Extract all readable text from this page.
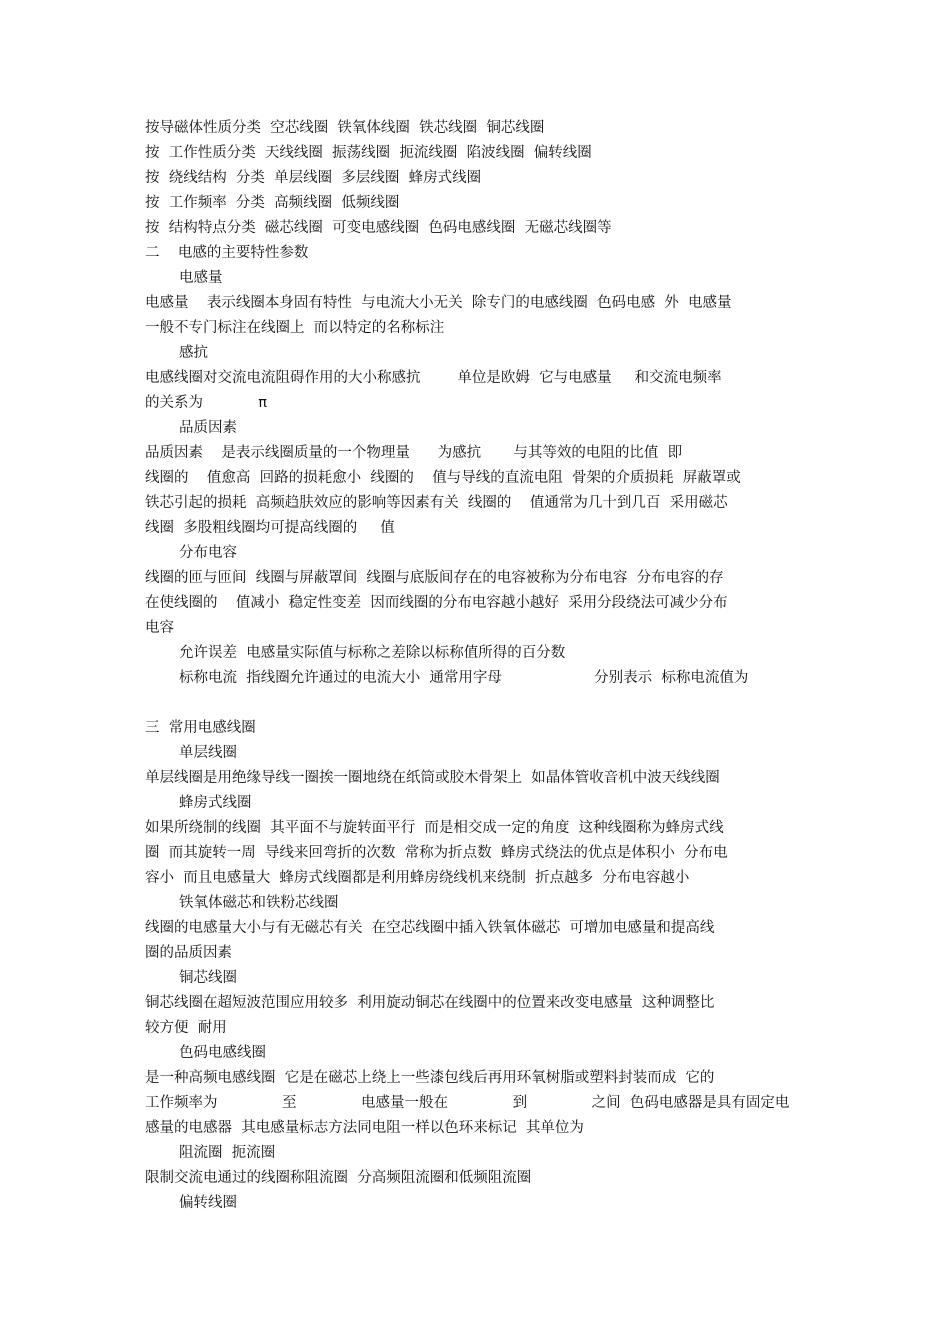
按导磁体性质分类  空芯线圈  铁氧体线圈  铁芯线圈  铜芯线圈
按  工作性质分类  天线线圈  振荡线圈  扼流线圈  陷波线圈  偏转线圈
按  绕线结构  分类  单层线圈  多层线圈  蜂房式线圈
按  工作频率  分类  高频线圈  低频线圈
按  结构特点分类  磁芯线圈  可变电感线圈  色码电感线圈  无磁芯线圈等
二    电感的主要特性参数
电感量
电感量    表示线圈本身固有特性  与电流大小无关  除专门的电感线圈  色码电感  外  电感量
一般不专门标注在线圈上  而以特定的名称标注
感抗
电感线圈对交流电流阻碍作用的大小称感抗        单位是欧姆  它与电感量     和交流电频率
的关系为            π
品质因素
品质因素    是表示线圈质量的一个物理量      为感抗       与其等效的电阻的比值  即
线圈的    值愈高  回路的损耗愈小  线圈的    值与导线的直流电阻  骨架的介质损耗  屏蔽罩或
铁芯引起的损耗  高频趋肤效应的影响等因素有关  线圈的    值通常为几十到几百  采用磁芯
线圈  多股粗线圈均可提高线圈的     值
分布电容
线圈的匝与匝间  线圈与屏蔽罩间  线圈与底版间存在的电容被称为分布电容  分布电容的存
在使线圈的    值减小  稳定性变差  因而线圈的分布电容越小越好  采用分段绕法可减少分布
电容
允许误差  电感量实际值与标称之差除以标称值所得的百分数
标称电流  指线圈允许通过的电流大小  通常用字母                    分别表示  标称电流值为
三  常用电感线圈
单层线圈
单层线圈是用绝缘导线一圈挨一圈地绕在纸筒或胶木骨架上  如晶体管收音机中波天线线圈
蜂房式线圈
如果所绕制的线圈  其平面不与旋转面平行  而是相交成一定的角度  这种线圈称为蜂房式线
圈  而其旋转一周  导线来回弯折的次数  常称为折点数  蜂房式绕法的优点是体积小  分布电
容小  而且电感量大  蜂房式线圈都是利用蜂房绕线机来绕制  折点越多  分布电容越小
铁氧体磁芯和铁粉芯线圈
线圈的电感量大小与有无磁芯有关  在空芯线圈中插入铁氧体磁芯  可增加电感量和提高线
圈的品质因素
铜芯线圈
铜芯线圈在超短波范围应用较多  利用旋动铜芯在线圈中的位置来改变电感量  这种调整比
较方便  耐用
色码电感线圈
是一种高频电感线圈  它是在磁芯上绕上一些漆包线后再用环氧树脂或塑料封装而成  它的
工作频率为              至              电感量一般在              到              之间  色码电感器是具有固定电
感量的电感器  其电感量标志方法同电阻一样以色环来标记  其单位为
阻流圈  扼流圈
限制交流电通过的线圈称阻流圈  分高频阻流圈和低频阻流圈
偏转线圈
